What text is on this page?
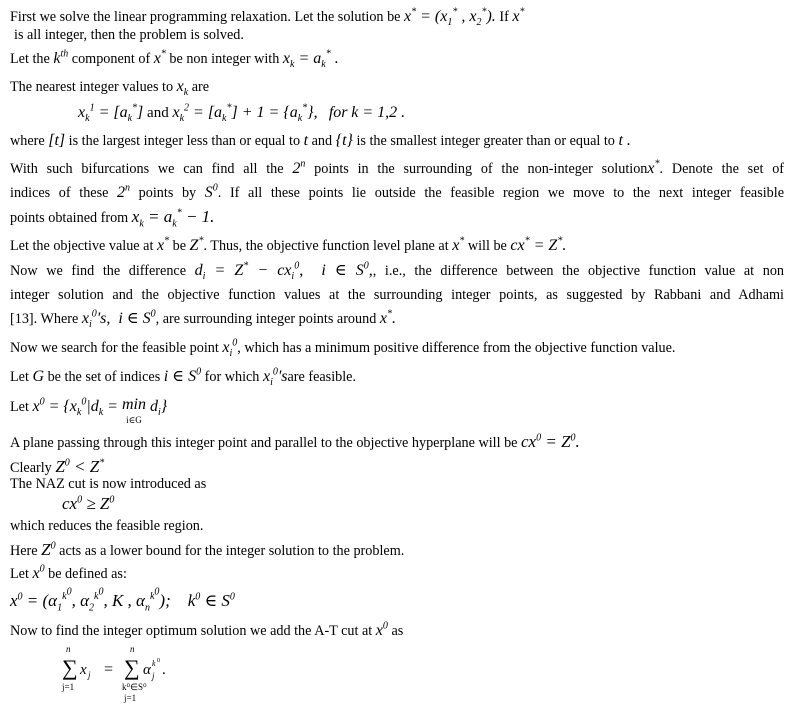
First we solve the linear programming relaxation. Let the solution be $x^* = (x_1^*$ , $x_2^*$). If x*
is all integer, then the problem is solved.
Let the $k^{th}$ component of x* be non integer with $x_k = a_k^*$ .
The nearest integer values to $x_k$ are
$x_k^1 = [a_k^*]$ and $x_k^2 = [a_k^*] + 1 = \{a_k^*\}$, for k = 1,2 .
where [t] is the largest integer less than or equal to t and {t} is the smallest integer greater than or equal to t .
With such bifurcations we can find all the 2$^n$ points in the surrounding of the non-integer solutionx*. Denote the set of
indices of these 2$^n$ points by $S^0$. If all these points lie outside the feasible region we move to the next integer feasible
points obtained from $x_k = a_k^* - 1$.
Let the objective value at x* be Z*. Thus, the objective function level plane at x* will be cx* = Z*.
Now we find the difference $d_i = Z^* - cx_i^0$,  i ∈ $S^0$,, i.e., the difference between the objective function value at non
integer solution and the objective function values at the surrounding integer points, as suggested by Rabbani and Adhami
[13]. Where $x_i^0's$,  i ∈ $S^0$, are surrounding integer points around x*.
Now we search for the feasible point $x_i^0$, which has a minimum positive difference from the objective function value.
Let G be the set of indices i ∈ $S^0$ for which $x_i^0'sare$ feasible.
Let $x^0 = \{x_k^0|d_k = \min$
i∈G $d_i$}
A plane passing through this integer point and parallel to the objective hyperplane will be $cx^0 = Z^0$.
Clearly $Z^0 < Z^*$
The NAZ cut is now introduced as
$cx^0 \ge Z^0$
which reduces the feasible region.
Here $Z^0$ acts as a lower bound for the integer solution to the problem.
Let $x^0$ be defined as:
$x^0 = (\alpha_1^{k^0}$, $\alpha_2^{k^0}$, K , $\alpha_n^{k^0}$);    $k^0$ ∈ $S^0$
Now to find the integer optimum solution we add the A-T cut at $x^0$ as
n
∑ x j
j=1
=
n
∑ α k 0
j .
k⁰∈S⁰
j=1
